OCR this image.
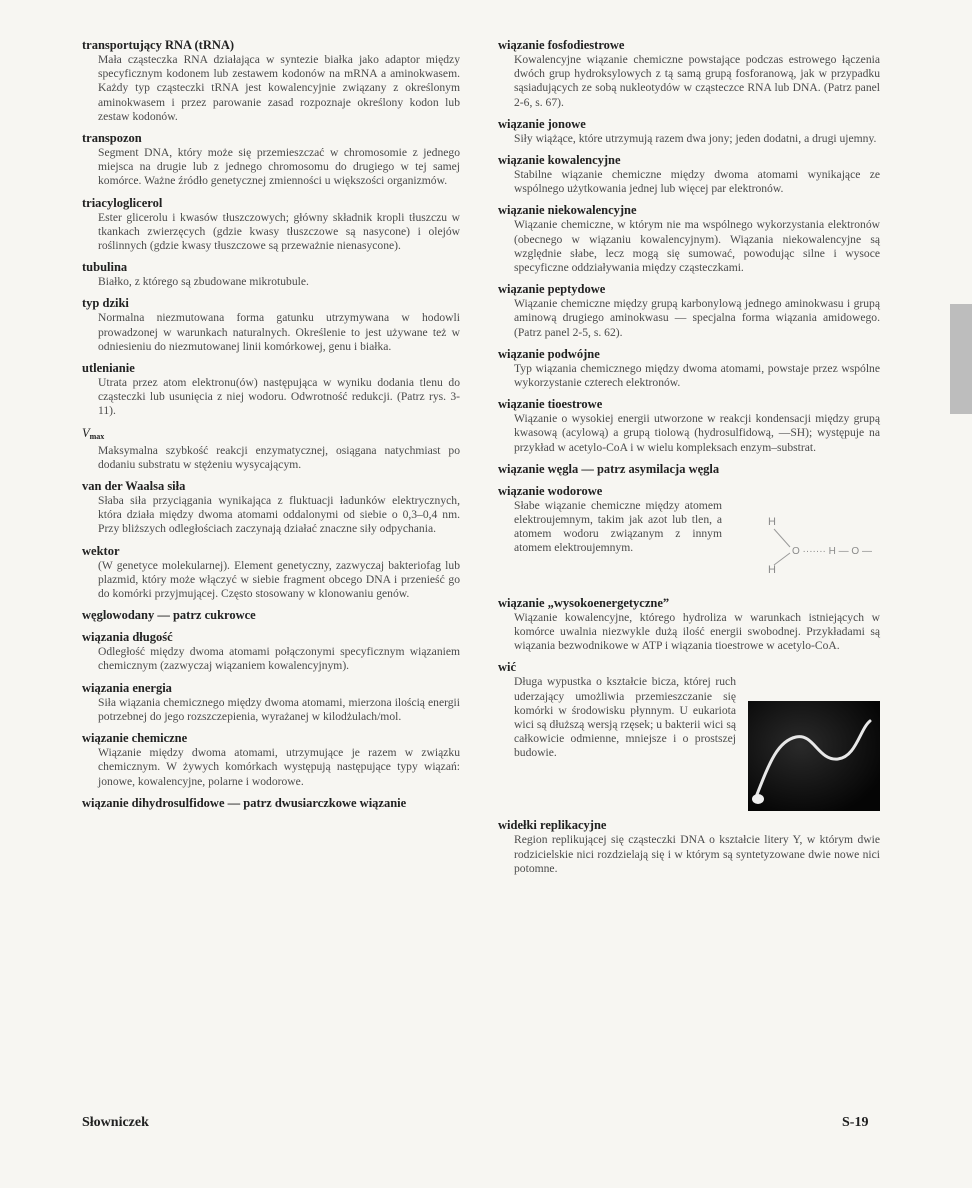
transportujący RNA (tRNA)

Mała cząsteczka RNA działająca w syntezie białka jako adaptor między specyficznym kodonem lub zestawem kodonów na mRNA a aminokwasem. Każdy typ cząsteczki tRNA jest kowalencyjnie związany z określonym aminokwasem i przez parowanie zasad rozpoznaje określony kodon lub zestaw kodonów.

transpozon

Segment DNA, który może się przemieszczać w chromosomie z jednego miejsca na drugie lub z jednego chromosomu do drugiego w tej samej komórce. Ważne źródło genetycznej zmienności u większości organizmów.

triacyloglicerol

Ester glicerolu i kwasów tłuszczowych; główny składnik kropli tłuszczu w tkankach zwierzęcych (gdzie kwasy tłuszczowe są nasycone) i olejów roślinnych (gdzie kwasy tłuszczowe są przeważnie nienasycone).

tubulina

Białko, z którego są zbudowane mikrotubule.

typ dziki

Normalna niezmutowana forma gatunku utrzymywana w hodowli prowadzonej w warunkach naturalnych. Określenie to jest używane też w odniesieniu do niezmutowanej linii komórkowej, genu i białka.

utlenianie

Utrata przez atom elektronu(ów) następująca w wyniku dodania tlenu do cząsteczki lub usunięcia z niej wodoru. Odwrotność redukcji. (Patrz rys. 3-11).

$V_{max}$

Maksymalna szybkość reakcji enzymatycznej, osiągana natychmiast po dodaniu substratu w stężeniu wysycającym.

van der Waalsa siła

Słaba siła przyciągania wynikająca z fluktuacji ładunków elektrycznych, która działa między dwoma atomami oddalonymi od siebie o 0,3–0,4 nm. Przy bliższych odległościach zaczynają działać znaczne siły odpychania.

wektor

(W genetyce molekularnej). Element genetyczny, zazwyczaj bakteriofag lub plazmid, który może włączyć w siebie fragment obcego DNA i przenieść go do komórki przyjmującej. Często stosowany w klonowaniu genów.

węglowodany — patrz cukrowce

wiązania długość

Odległość między dwoma atomami połączonymi specyficznym wiązaniem chemicznym (zazwyczaj wiązaniem kowalencyjnym).

wiązania energia

Siła wiązania chemicznego między dwoma atomami, mierzona ilością energii potrzebnej do jego rozszczepienia, wyrażanej w kilodżulach/mol.

wiązanie chemiczne

Wiązanie między dwoma atomami, utrzymujące je razem w związku chemicznym. W żywych komórkach występują następujące typy wiązań: jonowe, kowalencyjne, polarne i wodorowe.

wiązanie dihydrosulfidowe — patrz dwusiarczkowe wiązanie

wiązanie fosfodiestrowe

Kowalencyjne wiązanie chemiczne powstające podczas estrowego łączenia dwóch grup hydroksylowych z tą samą grupą fosforanową, jak w przypadku sąsiadujących ze sobą nukleotydów w cząsteczce RNA lub DNA. (Patrz panel 2-6, s. 67).

wiązanie jonowe

Siły wiążące, które utrzymują razem dwa jony; jeden dodatni, a drugi ujemny.

wiązanie kowalencyjne

Stabilne wiązanie chemiczne między dwoma atomami wynikające ze wspólnego użytkowania jednej lub więcej par elektronów.

wiązanie niekowalencyjne

Wiązanie chemiczne, w którym nie ma wspólnego wykorzystania elektronów (obecnego w wiązaniu kowalencyjnym). Wiązania niekowalencyjne są względnie słabe, lecz mogą się sumować, powodując silne i wysoce specyficzne oddziaływania między cząsteczkami.

wiązanie peptydowe

Wiązanie chemiczne między grupą karbonylową jednego aminokwasu i grupą aminową drugiego aminokwasu — specjalna forma wiązania amidowego. (Patrz panel 2-5, s. 62).

wiązanie podwójne

Typ wiązania chemicznego między dwoma atomami, powstaje przez wspólne wykorzystanie czterech elektronów.

wiązanie tioestrowe

Wiązanie o wysokiej energii utworzone w reakcji kondensacji między grupą kwasową (acylową) a grupą tiolową (hydrosulfidową, —SH); występuje na przykład w acetylo-CoA i w wielu kompleksach enzym–substrat.

wiązanie węgla — patrz asymilacja węgla

wiązanie wodorowe

Słabe wiązanie chemiczne między atomem elektroujemnym, takim jak azot lub tlen, a atomem wodoru związanym z innym atomem elektroujemnym.

H
H
O ······· H — O —

wiązanie „wysokoenergetyczne”

Wiązanie kowalencyjne, którego hydroliza w warunkach istniejących w komórce uwalnia niezwykle dużą ilość energii swobodnej. Przykładami są wiązania bezwodnikowe w ATP i wiązania tioestrowe w acetylo-CoA.

wić

Długa wypustka o kształcie bicza, której ruch uderzający umożliwia przemieszczanie się komórki w środowisku płynnym. U eukariota wici są dłuższą wersją rzęsek; u bakterii wici są całkowicie odmienne, mniejsze i o prostszej budowie.

widełki replikacyjne

Region replikującej się cząsteczki DNA o kształcie litery Y, w którym dwie rodzicielskie nici rozdzielają się i w którym są syntetyzowane dwie nowe nici potomne.

Słowniczek	S-19
